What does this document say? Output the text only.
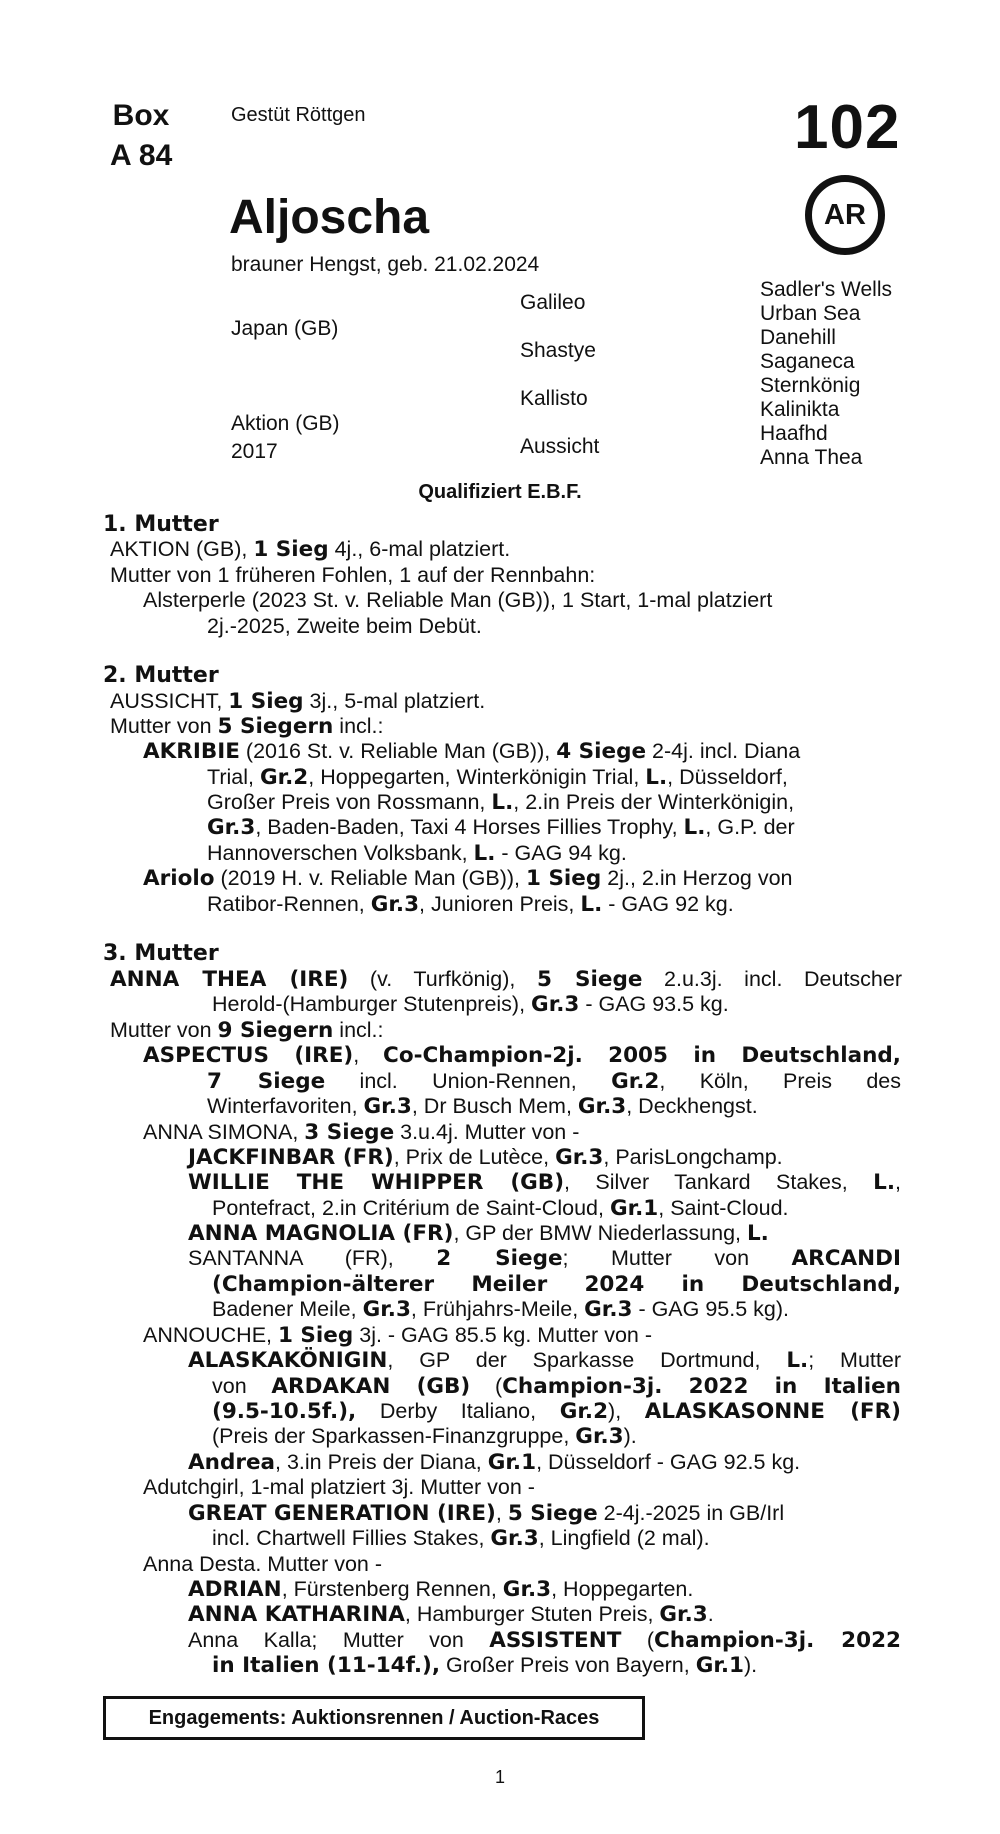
Box
A 84
Gestüt Röttgen	102
AR
Aljoscha
brauner Hengst, geb. 21.02.2024
Japan (GB)
Aktion (GB)
2017
Galileo
Shastye
Kallisto
Aussicht
Sadler's Wells
Urban Sea
Danehill
Saganeca
Sternkönig
Kalinikta
Haafhd
Anna Thea
Qualifiziert E.B.F.
1. Mutter
AKTION (GB), 1 Sieg 4j., 6-mal platziert.
Mutter von 1 früheren Fohlen, 1 auf der Rennbahn:
Alsterperle (2023 St. v. Reliable Man (GB)), 1 Start, 1-mal platziert
2j.-2025, Zweite beim Debüt.
2. Mutter
AUSSICHT, 1 Sieg 3j., 5-mal platziert.
Mutter von 5 Siegern incl.:
AKRIBIE (2016 St. v. Reliable Man (GB)), 4 Siege 2-4j. incl. Diana
Trial, Gr.2, Hoppegarten, Winterkönigin Trial, L., Düsseldorf,
Großer Preis von Rossmann, L., 2.in Preis der Winterkönigin,
Gr.3, Baden-Baden, Taxi 4 Horses Fillies Trophy, L., G.P. der
Hannoverschen Volksbank, L. - GAG 94 kg.
Ariolo (2019 H. v. Reliable Man (GB)), 1 Sieg 2j., 2.in Herzog von
Ratibor-Rennen, Gr.3, Junioren Preis, L. - GAG 92 kg.
3. Mutter
ANNA THEA (IRE) (v. Turfkönig), 5 Siege 2.u.3j. incl. Deutscher
Herold-(Hamburger Stutenpreis), Gr.3 - GAG 93.5 kg.
Mutter von 9 Siegern incl.:
ASPECTUS (IRE), Co-Champion-2j. 2005 in Deutschland,
7 Siege incl. Union-Rennen, Gr.2, Köln, Preis des
Winterfavoriten, Gr.3, Dr Busch Mem, Gr.3, Deckhengst.
ANNA SIMONA, 3 Siege 3.u.4j. Mutter von -
JACKFINBAR (FR), Prix de Lutèce, Gr.3, ParisLongchamp.
WILLIE THE WHIPPER (GB), Silver Tankard Stakes, L.,
Pontefract, 2.in Critérium de Saint-Cloud, Gr.1, Saint-Cloud.
ANNA MAGNOLIA (FR), GP der BMW Niederlassung, L.
SANTANNA (FR), 2 Siege; Mutter von ARCANDI
(Champion-älterer Meiler 2024 in Deutschland,
Badener Meile, Gr.3, Frühjahrs-Meile, Gr.3 - GAG 95.5 kg).
ANNOUCHE, 1 Sieg 3j. - GAG 85.5 kg. Mutter von -
ALASKAKÖNIGIN, GP der Sparkasse Dortmund, L.; Mutter
von ARDAKAN (GB) (Champion-3j. 2022 in Italien
(9.5-10.5f.), Derby Italiano, Gr.2), ALASKASONNE (FR)
(Preis der Sparkassen-Finanzgruppe, Gr.3).
Andrea, 3.in Preis der Diana, Gr.1, Düsseldorf - GAG 92.5 kg.
Adutchgirl, 1-mal platziert 3j. Mutter von -
GREAT GENERATION (IRE), 5 Siege 2-4j.-2025 in GB/Irl
incl. Chartwell Fillies Stakes, Gr.3, Lingfield (2 mal).
Anna Desta. Mutter von -
ADRIAN, Fürstenberg Rennen, Gr.3, Hoppegarten.
ANNA KATHARINA, Hamburger Stuten Preis, Gr.3.
Anna Kalla; Mutter von ASSISTENT (Champion-3j. 2022
in Italien (11-14f.), Großer Preis von Bayern, Gr.1).
Engagements: Auktionsrennen / Auction-Races
1
